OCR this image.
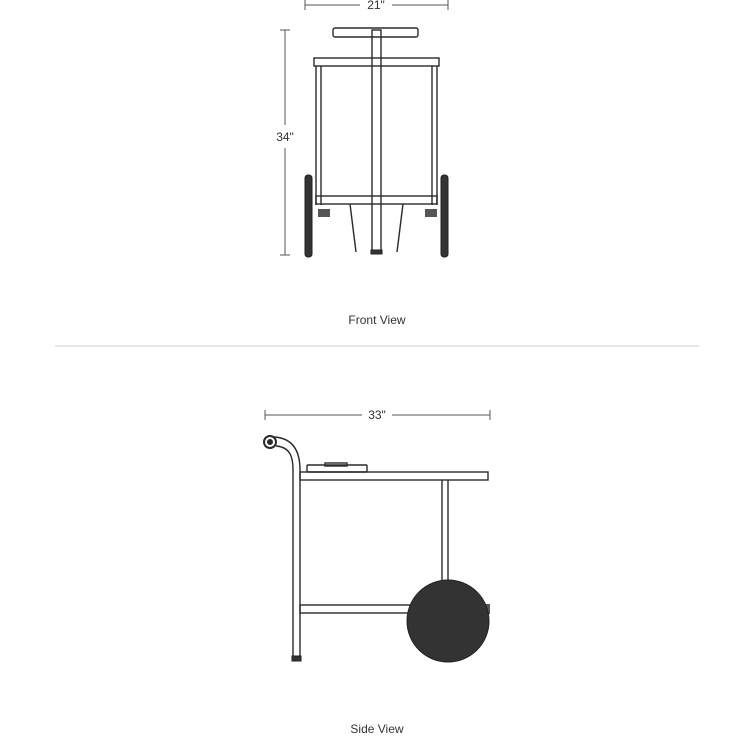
21"
34"
Front View
33"
Side View
